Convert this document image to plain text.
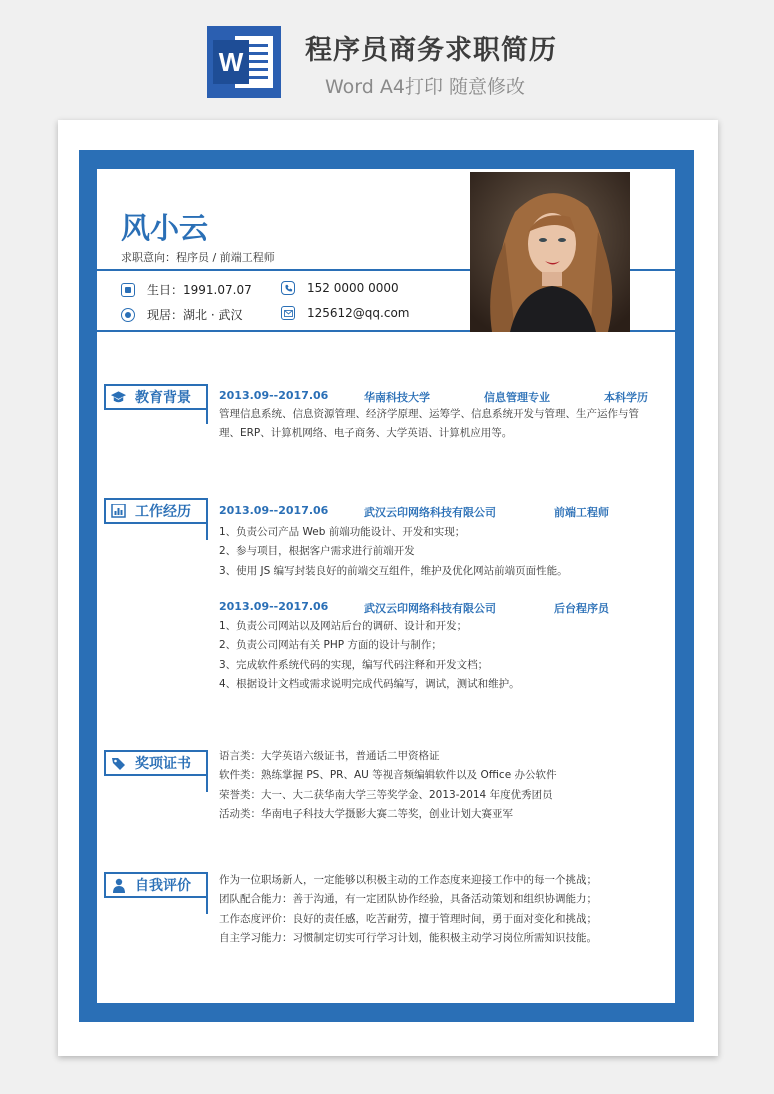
W 程序员商务求职简历
Word A4打印 随意修改
风小云
求职意向：程序员 / 前端工程师
生日：1991.07.07	152 0000 0000
现居：湖北 · 武汉	125612@qq.com
教育背景	2013.09--2017.06	华南科技大学	信息管理专业	本科学历
管理信息系统、信息资源管理、经济学原理、运筹学、信息系统开发与管理、生产运作与管
理、ERP、计算机网络、电子商务、大学英语、计算机应用等。
工作经历	2013.09--2017.06	武汉云印网络科技有限公司	前端工程师
1、负责公司产品 Web 前端功能设计、开发和实现；
2、参与项目，根据客户需求进行前端开发
3、使用 JS 编写封装良好的前端交互组件，维护及优化网站前端页面性能。
2013.09--2017.06	武汉云印网络科技有限公司	后台程序员
1、负责公司网站以及网站后台的调研、设计和开发；
2、负责公司网站有关 PHP 方面的设计与制作；
3、完成软件系统代码的实现，编写代码注释和开发文档；
4、根据设计文档或需求说明完成代码编写，调试，测试和维护。
奖项证书	语言类：大学英语六级证书，普通话二甲资格证
软件类：熟练掌握 PS、PR、AU 等视音频编辑软件以及 Office 办公软件
荣誉类：大一、大二获华南大学三等奖学金、2013-2014 年度优秀团员
活动类：华南电子科技大学摄影大赛二等奖，创业计划大赛亚军
自我评价	作为一位职场新人，一定能够以积极主动的工作态度来迎接工作中的每一个挑战；
团队配合能力：善于沟通，有一定团队协作经验，具备活动策划和组织协调能力；
工作态度评价：良好的责任感，吃苦耐劳，擅于管理时间，勇于面对变化和挑战；
自主学习能力：习惯制定切实可行学习计划，能积极主动学习岗位所需知识技能。
